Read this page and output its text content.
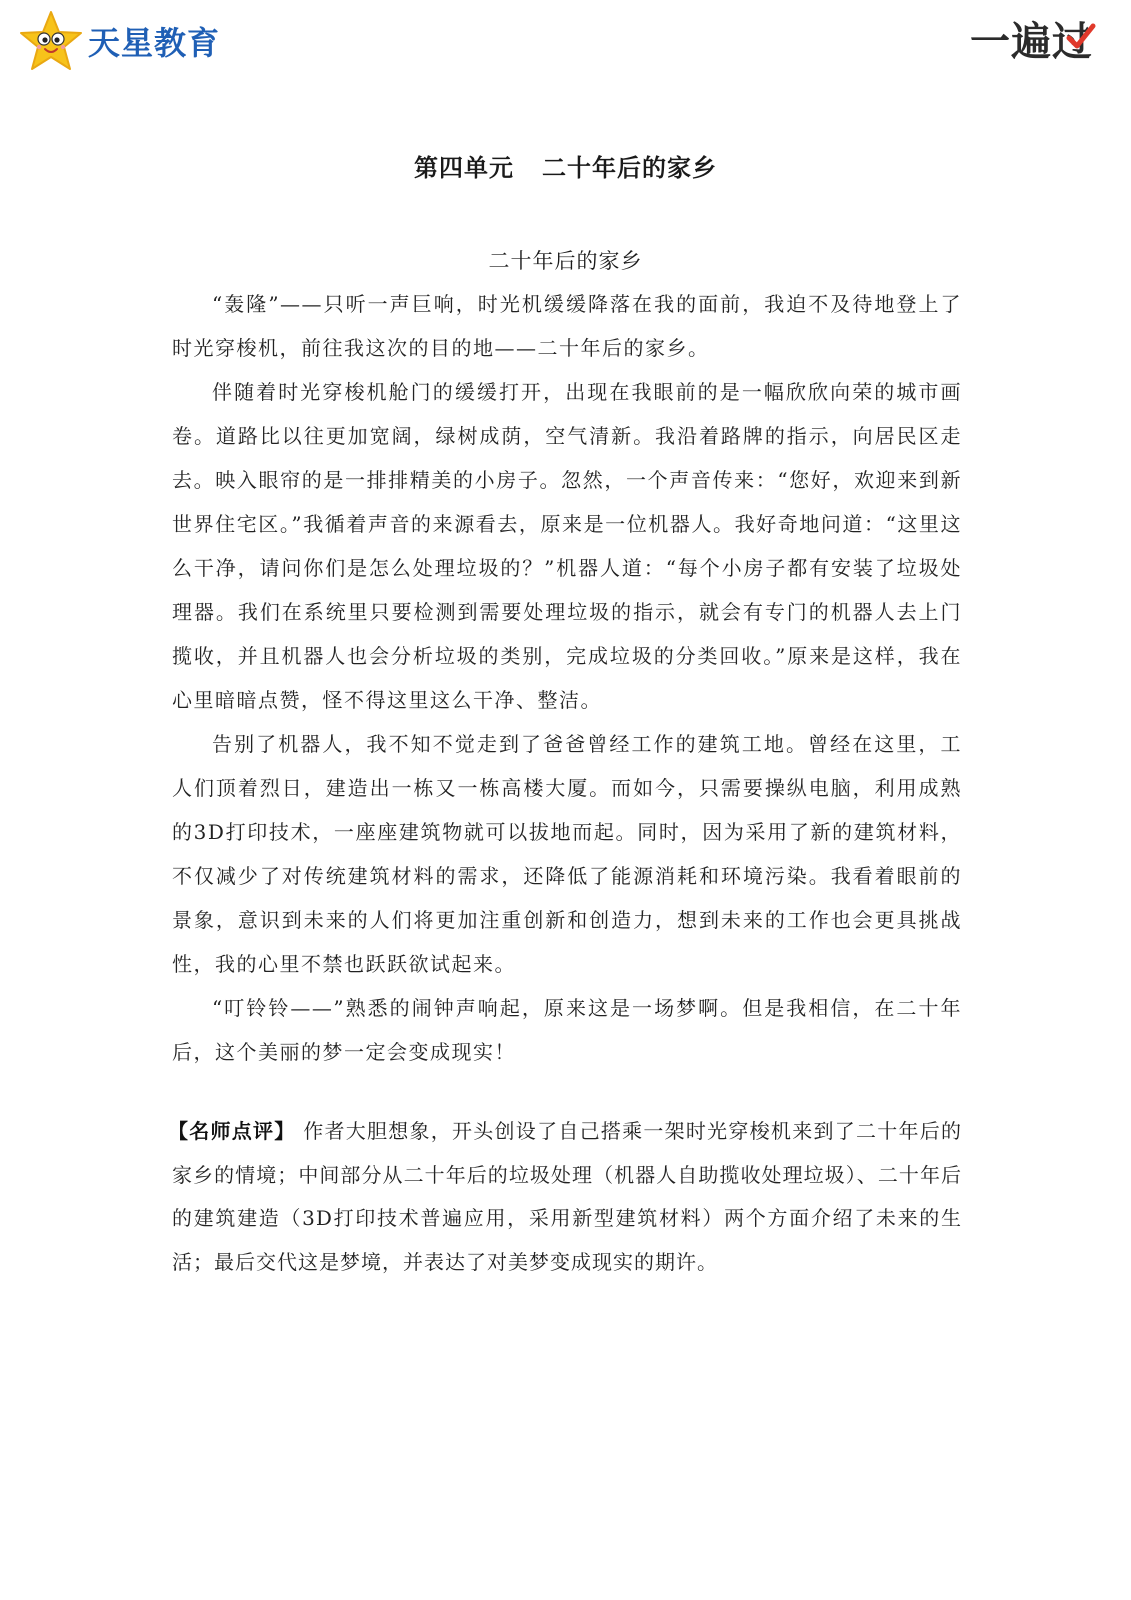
天星教育	一遍过
第四单元 二十年后的家乡
二十年后的家乡

“轰隆”——只听一声巨响，时光机缓缓降落在我的面前，我迫不及待地登上了时光穿梭机，前往我这次的目的地——二十年后的家乡。

伴随着时光穿梭机舱门的缓缓打开，出现在我眼前的是一幅欣欣向荣的城市画卷。道路比以往更加宽阔，绿树成荫，空气清新。我沿着路牌的指示，向居民区走去。映入眼帘的是一排排精美的小房子。忽然，一个声音传来：“您好，欢迎来到新世界住宅区。”我循着声音的来源看去，原来是一位机器人。我好奇地问道：“这里这么干净，请问你们是怎么处理垃圾的？”机器人道：“每个小房子都有安装了垃圾处理器。我们在系统里只要检测到需要处理垃圾的指示，就会有专门的机器人去上门揽收，并且机器人也会分析垃圾的类别，完成垃圾的分类回收。”原来是这样，我在心里暗暗点赞，怪不得这里这么干净、整洁。

告别了机器人，我不知不觉走到了爸爸曾经工作的建筑工地。曾经在这里，工人们顶着烈日，建造出一栋又一栋高楼大厦。而如今，只需要操纵电脑，利用成熟的3D打印技术，一座座建筑物就可以拔地而起。同时，因为采用了新的建筑材料，不仅减少了对传统建筑材料的需求，还降低了能源消耗和环境污染。我看着眼前的景象，意识到未来的人们将更加注重创新和创造力，想到未来的工作也会更具挑战性，我的心里不禁也跃跃欲试起来。

“叮铃铃——”熟悉的闹钟声响起，原来这是一场梦啊。但是我相信，在二十年后，这个美丽的梦一定会变成现实！

【名师点评】 作者大胆想象，开头创设了自己搭乘一架时光穿梭机来到了二十年后的家乡的情境；中间部分从二十年后的垃圾处理（机器人自助揽收处理垃圾）、二十年后的建筑建造（3D打印技术普遍应用，采用新型建筑材料）两个方面介绍了未来的生活；最后交代这是梦境，并表达了对美梦变成现实的期许。
